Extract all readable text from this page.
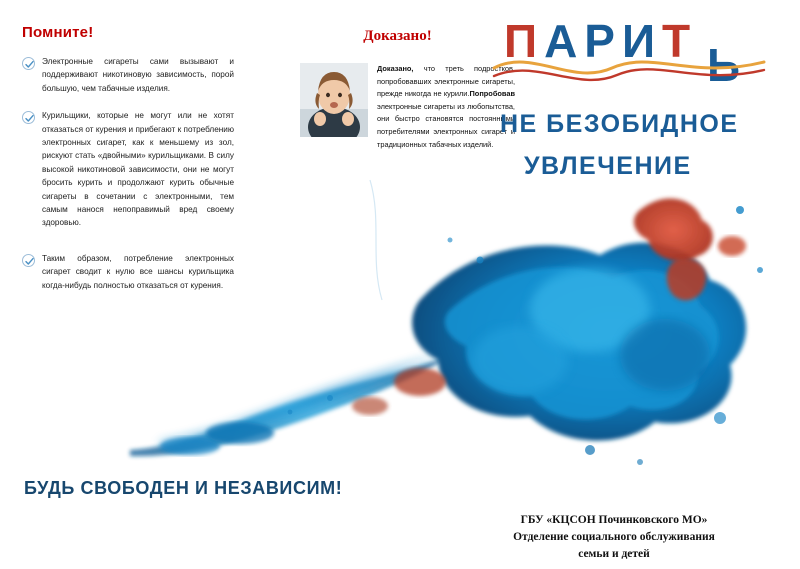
Помните!
Электронные сигареты сами вызывают и поддерживают никотиновую зависимость, порой большую, чем табачные изделия.
Курильщики, которые не могут или не хотят отказаться от курения и прибегают к потреблению электронных сигарет, как к меньшему из зол, рискуют стать «двойными» курильщиками. В силу высокой никотиновой зависимости, они не могут бросить курить и продолжают курить обычные сигареты в сочетании с электронными, тем самым нанося непоправимый вред своему здоровью.
Таким образом, потребление электронных сигарет сводит к нулю все шансы курильщика когда-нибудь полностью отказаться от курения.
Доказано!
Доказано, что треть подростков, попробовавших электронные сигареты, прежде никогда не курили.Попробовав электронные сигареты из любопытства, они быстро становятся постоянными потребителями электронных сигарет и традиционных табачных изделий.
ПАРИТ Ь
НЕ БЕЗОБИДНОЕ
УВЛЕЧЕНИЕ
БУДЬ СВОБОДЕН И НЕЗАВИСИМ!
ГБУ «КЦСОН Починковского МО»
Отделение социального обслуживания
семьи и детей
